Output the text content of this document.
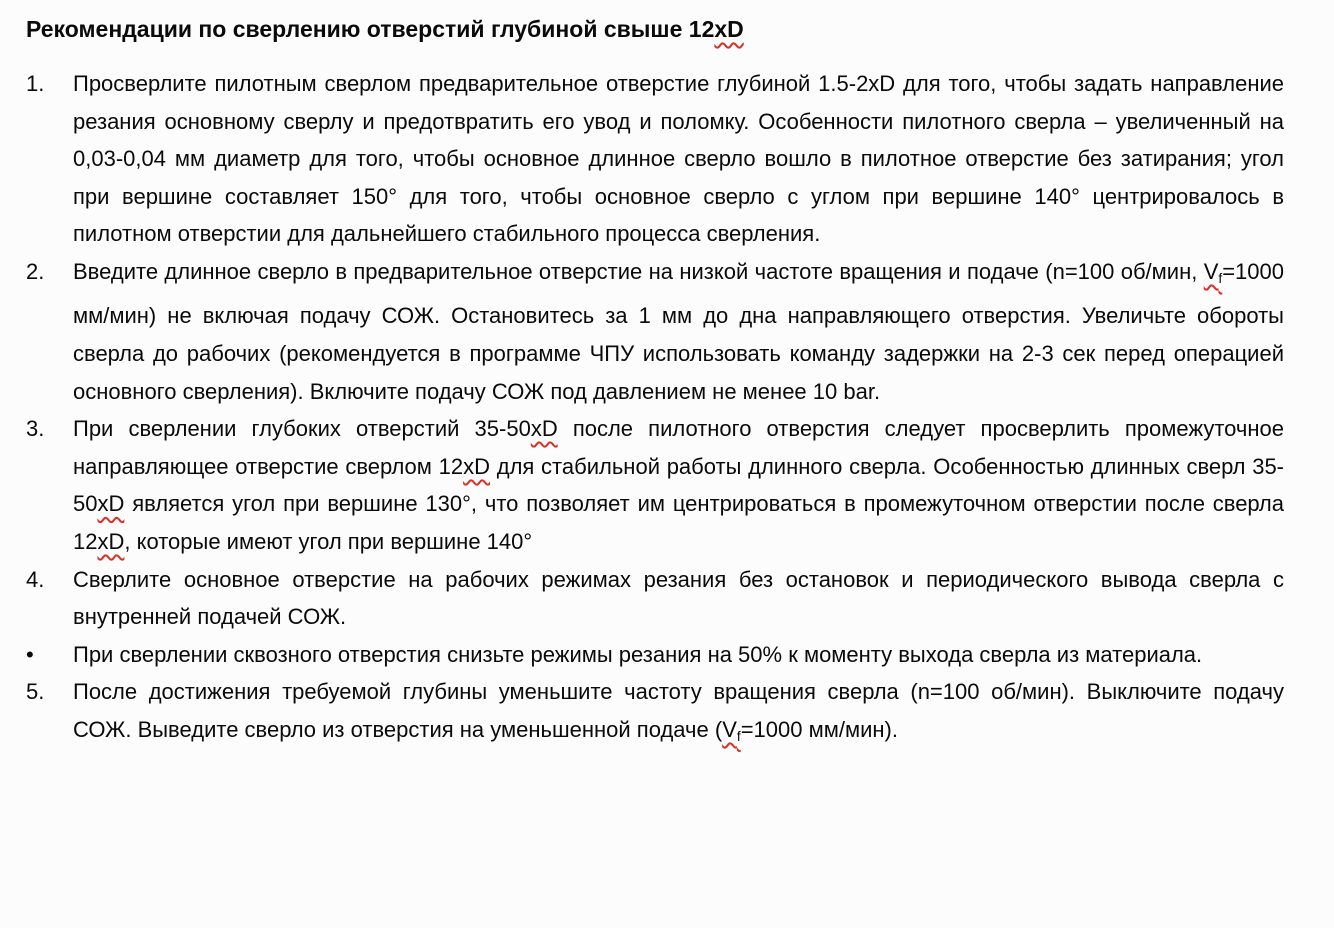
Рекомендации по сверлению отверстий глубиной свыше 12xD
1.	Просверлите пилотным сверлом предварительное отверстие глубиной 1.5-2xD для того, чтобы задать направление резания основному сверлу и предотвратить его увод и поломку. Особенности пилотного сверла – увеличенный на 0,03-0,04 мм диаметр для того, чтобы основное длинное сверло вошло в пилотное отверстие без затирания; угол при вершине составляет 150° для того, чтобы основное сверло с углом при вершине 140° центрировалось в пилотном отверстии для дальнейшего стабильного процесса сверления.
2.	Введите длинное сверло в предварительное отверстие на низкой частоте вращения и подаче (n=100 об/мин, Vf=1000 мм/мин) не включая подачу СОЖ. Остановитесь за 1 мм до дна направляющего отверстия. Увеличьте обороты сверла до рабочих (рекомендуется в программе ЧПУ использовать команду задержки на 2-3 сек перед операцией основного сверления). Включите подачу СОЖ под давлением не менее 10 bar.
3.	При сверлении глубоких отверстий 35-50xD после пилотного отверстия следует просверлить промежуточное направляющее отверстие сверлом 12xD для стабильной работы длинного сверла. Особенностью длинных сверл 35-50xD является угол при вершине 130°, что позволяет им центрироваться в промежуточном отверстии после сверла 12xD, которые имеют угол при вершине 140°
4.	Сверлите основное отверстие на рабочих режимах резания без остановок и периодического вывода сверла с внутренней подачей СОЖ.
•	При сверлении сквозного отверстия снизьте режимы резания на 50% к моменту выхода сверла из материала.
5.	После достижения требуемой глубины уменьшите частоту вращения сверла (n=100 об/мин). Выключите подачу СОЖ. Выведите сверло из отверстия на уменьшенной подаче (Vf=1000 мм/мин).
